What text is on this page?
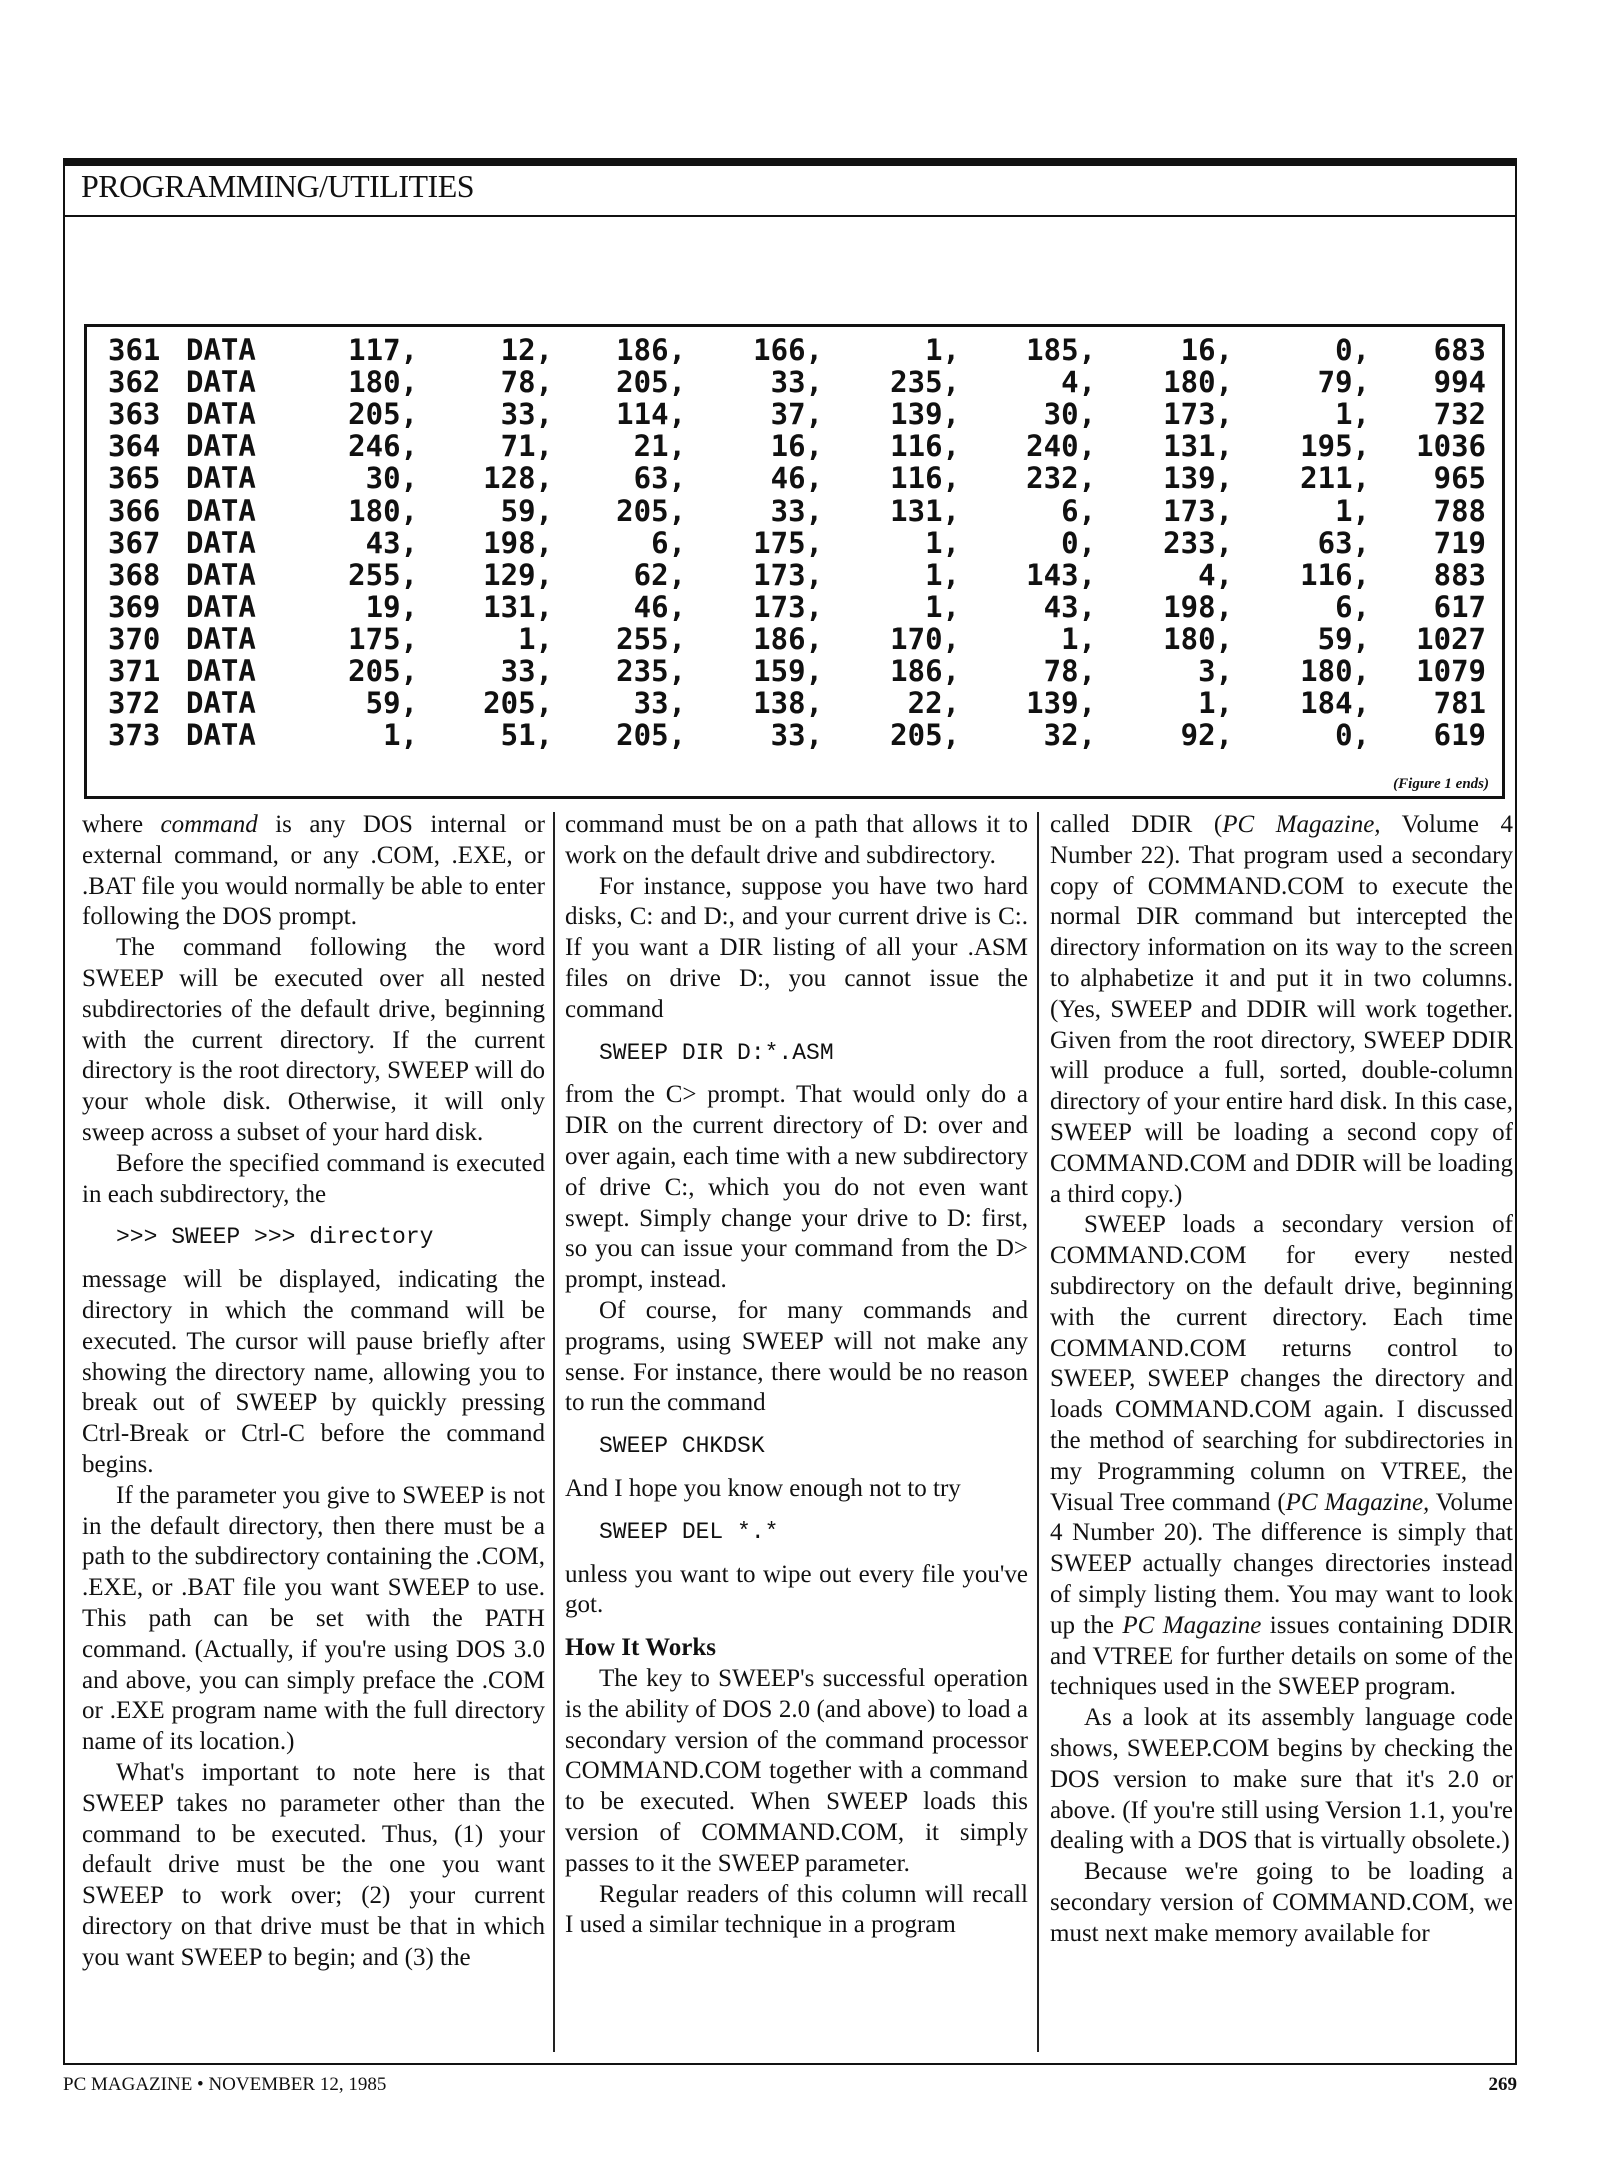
PROGRAMMING/UTILITIES
361 DATA	117,	12, 186, 166,	1, 185,	16,	0, 683
362 DATA	180,	78, 205,	33, 235,	4, 180,	79, 994
363 DATA	205,	33, 114,	37, 139,	30, 173,	1, 732
364 DATA	246,	71,	21,	16, 116, 240, 131, 195, 1036
365 DATA	30, 128,	63,	46, 116, 232, 139, 211, 965
366 DATA	180,	59, 205,	33, 131,	6, 173,	1, 788
367 DATA	43, 198,	6, 175,	1,	0, 233,	63, 719
368 DATA	255, 129,	62, 173,	1, 143,	4, 116, 883
369 DATA	19, 131,	46, 173,	1,	43, 198,	6, 617
370 DATA	175,	1, 255, 186, 170,	1, 180,	59, 1027
371 DATA	205,	33, 235, 159, 186,	78,	3, 180, 1079
372 DATA	59, 205,	33, 138,	22, 139,	1, 184, 781
373 DATA	1,	51, 205,	33, 205,	32,	92,	0, 619
(Figure 1 ends)

where command is any DOS internal or external command, or any .COM, .EXE, or .BAT file you would normally be able to enter following the DOS prompt.

The command following the word SWEEP will be executed over all nested subdirectories of the default drive, beginning with the current directory. If the current directory is the root directory, SWEEP will do your whole disk. Otherwise, it will only sweep across a subset of your hard disk.

Before the specified command is executed in each subdirectory, the

>>> SWEEP >>> directory

message will be displayed, indicating the directory in which the command will be executed. The cursor will pause briefly after showing the directory name, allowing you to break out of SWEEP by quickly pressing Ctrl-Break or Ctrl-C before the command begins.

If the parameter you give to SWEEP is not in the default directory, then there must be a path to the subdirectory containing the .COM, .EXE, or .BAT file you want SWEEP to use. This path can be set with the PATH command. (Actually, if you're using DOS 3.0 and above, you can simply preface the .COM or .EXE program name with the full directory name of its location.)

What's important to note here is that SWEEP takes no parameter other than the command to be executed. Thus, (1) your default drive must be the one you want SWEEP to work over; (2) your current directory on that drive must be that in which you want SWEEP to begin; and (3) the

command must be on a path that allows it to work on the default drive and subdirectory.

For instance, suppose you have two hard disks, C: and D:, and your current drive is C:. If you want a DIR listing of all your .ASM files on drive D:, you cannot issue the command

SWEEP DIR D:*.ASM

from the C> prompt. That would only do a DIR on the current directory of D: over and over again, each time with a new subdirectory of drive C:, which you do not even want swept. Simply change your drive to D: first, so you can issue your command from the D> prompt, instead.

Of course, for many commands and programs, using SWEEP will not make any sense. For instance, there would be no reason to run the command

SWEEP CHKDSK

And I hope you know enough not to try

SWEEP DEL *.*

unless you want to wipe out every file you've got.

How It Works

The key to SWEEP's successful operation is the ability of DOS 2.0 (and above) to load a secondary version of the command processor COMMAND.COM together with a command to be executed. When SWEEP loads this version of COMMAND.COM, it simply passes to it the SWEEP parameter.

Regular readers of this column will recall I used a similar technique in a program

called DDIR (PC Magazine, Volume 4 Number 22). That program used a secondary copy of COMMAND.COM to execute the normal DIR command but intercepted the directory information on its way to the screen to alphabetize it and put it in two columns. (Yes, SWEEP and DDIR will work together. Given from the root directory, SWEEP DDIR will produce a full, sorted, double-column directory of your entire hard disk. In this case, SWEEP will be loading a second copy of COMMAND.COM and DDIR will be loading a third copy.)

SWEEP loads a secondary version of COMMAND.COM for every nested subdirectory on the default drive, beginning with the current directory. Each time COMMAND.COM returns control to SWEEP, SWEEP changes the directory and loads COMMAND.COM again. I discussed the method of searching for subdirectories in my Programming column on VTREE, the Visual Tree command (PC Magazine, Volume 4 Number 20). The difference is simply that SWEEP actually changes directories instead of simply listing them. You may want to look up the PC Magazine issues containing DDIR and VTREE for further details on some of the techniques used in the SWEEP program.

As a look at its assembly language code shows, SWEEP.COM begins by checking the DOS version to make sure that it's 2.0 or above. (If you're still using Version 1.1, you're dealing with a DOS that is virtually obsolete.)

Because we're going to be loading a secondary version of COMMAND.COM, we must next make memory available for

PC MAGAZINE • NOVEMBER 12, 1985	269
